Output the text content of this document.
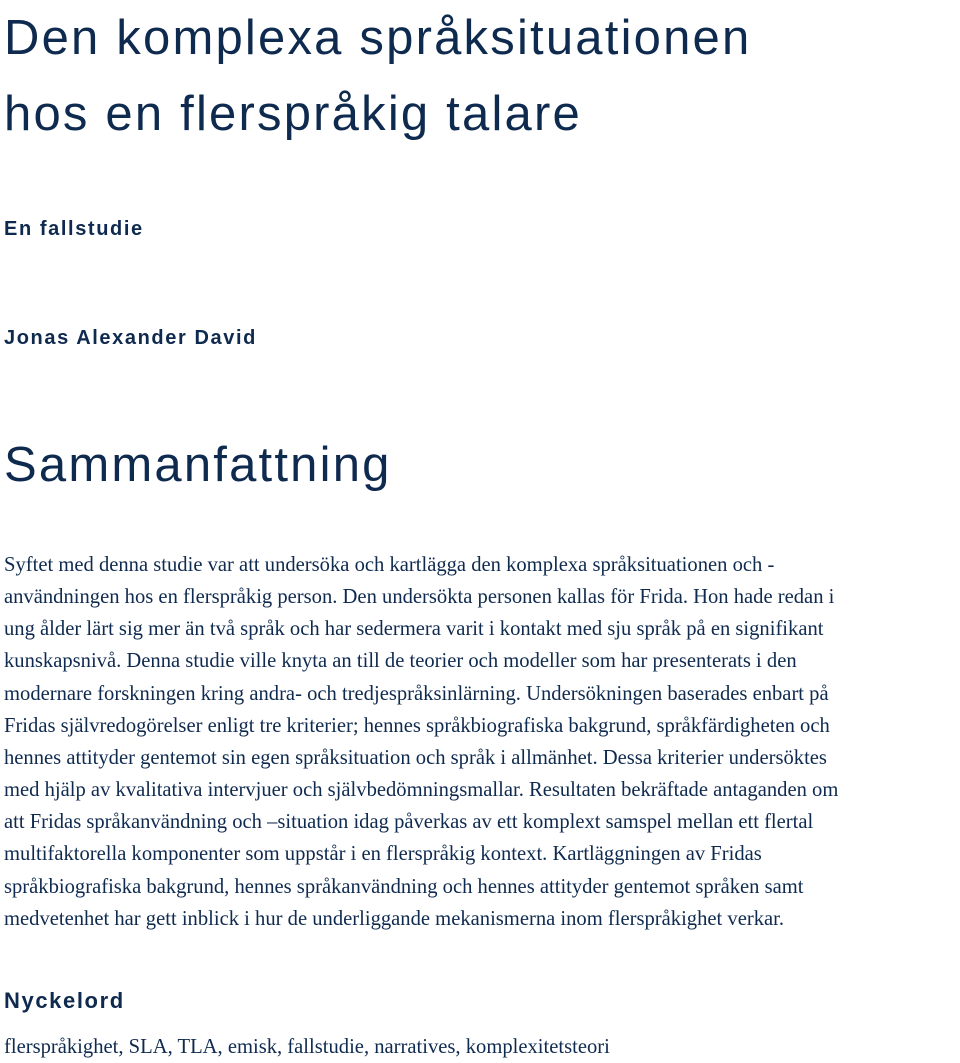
Den komplexa språksituationen
hos en flerspråkig talare
En fallstudie

Jonas Alexander David

Sammanfattning

Syftet med denna studie var att undersöka och kartlägga den komplexa språksituationen och -
användningen hos en flerspråkig person. Den undersökta personen kallas för Frida. Hon hade redan i
ung ålder lärt sig mer än två språk och har sedermera varit i kontakt med sju språk på en signifikant
kunskapsnivå. Denna studie ville knyta an till de teorier och modeller som har presenterats i den
modernare forskningen kring andra- och tredjespråksinlärning. Undersökningen baserades enbart på
Fridas självredogörelser enligt tre kriterier; hennes språkbiografiska bakgrund, språkfärdigheten och
hennes attityder gentemot sin egen språksituation och språk i allmänhet. Dessa kriterier undersöktes
med hjälp av kvalitativa intervjuer och självbedömningsmallar. Resultaten bekräftade antaganden om
att Fridas språkanvändning och –situation idag påverkas av ett komplext samspel mellan ett flertal
multifaktorella komponenter som uppstår i en flerspråkig kontext. Kartläggningen av Fridas
språkbiografiska bakgrund, hennes språkanvändning och hennes attityder gentemot språken samt
medvetenhet har gett inblick i hur de underliggande mekanismerna inom flerspråkighet verkar.

Nyckelord

flerspråkighet, SLA, TLA, emisk, fallstudie, narratives, komplexitetsteori
